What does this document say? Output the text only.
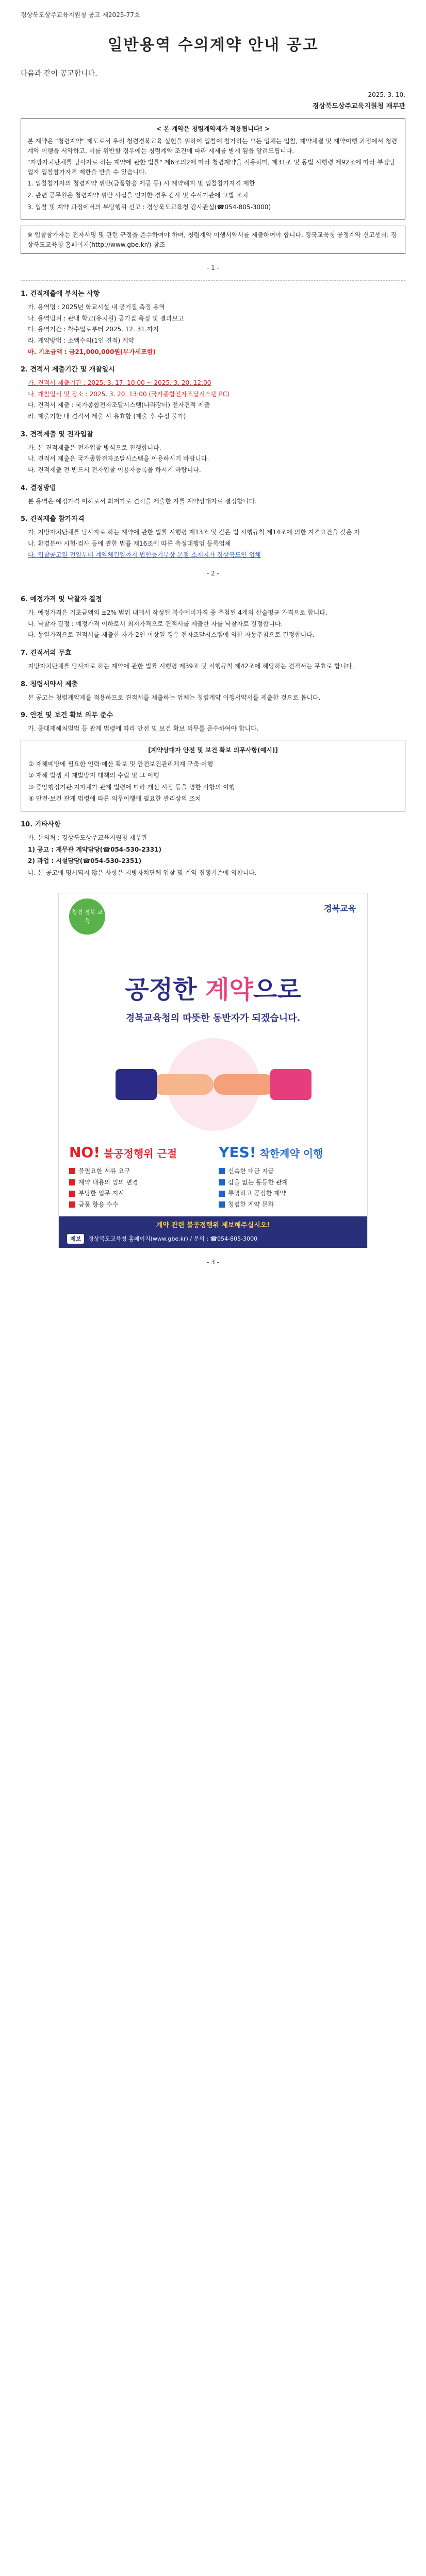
경상북도상주교육지원청 공고 제2025-77호
일반용역 수의계약 안내 공고
다음과 같이 공고합니다.
2025. 3. 10.
경상북도상주교육지원청 재무관
< 본 계약은 청렴계약제가 적용됩니다! >

본 계약은 "청렴계약" 제도로서 우리 청렴경북교육 실현을 위하여 입찰에 참가하는 모든 업체는 입찰, 계약체결 및 계약이행 과정에서 청렴계약 이행을 서약하고, 이를 위반할 경우에는 청렴계약 조건에 따라 제재를 받게 됨을 알려드립니다.

"지방자치단체를 당사자로 하는 계약에 관한 법률" 제6조의2에 따라 청렴계약을 적용하며, 제31조 및 동법 시행령 제92조에 따라 부정당업자 입찰참가자격 제한을 받을 수 있습니다.

1. 입찰참가자의 청렴계약 위반(금품향응 제공 등) 시 계약해지 및 입찰참가자격 제한

2. 관련 공무원은 청렴계약 위반 사실을 인지한 경우 감사 및 수사기관에 고발 조치

3. 입찰 및 계약 과정에서의 부당행위 신고 : 경상북도교육청 감사관실(☎054-805-3000)

※ 입찰참가자는 전자서명 및 관련 규정을 준수하여야 하며, 청렴계약 이행서약서를 제출하여야 합니다. 경북교육청 공정계약 신고센터: 경상북도교육청 홈페이지(http://www.gbe.kr/) 참조
- 1 -
1. 견적제출에 부치는 사항
가. 용역명 : 2025년 학교시설 내 공기질 측정 용역
나. 용역범위 : 관내 학교(유치원) 공기질 측정 및 결과보고
다. 용역기간 : 착수일로부터 2025. 12. 31.까지
라. 계약방법 : 소액수의(1인 견적) 계약
마. 기초금액 : 금21,000,000원(부가세포함)
2. 견적서 제출기간 및 개찰일시
가. 견적서 제출기간 : 2025. 3. 17. 10:00 ~ 2025. 3. 20. 12:00
나. 개찰일시 및 장소 : 2025. 3. 20. 13:00 (국가종합전자조달시스템 PC)
다. 견적서 제출 : 국가종합전자조달시스템(나라장터) 전자견적 제출
라. 제출기한 내 견적서 제출 시 유효함 (제출 후 수정 불가)
3. 견적제출 및 전자입찰
가. 본 견적제출은 전자입찰 방식으로 진행합니다.
나. 견적서 제출은 국가종합전자조달시스템을 이용하시기 바랍니다.
다. 견적제출 전 반드시 전자입찰 이용자등록을 하시기 바랍니다.
4. 결정방법
본 용역은 예정가격 이하로서 최저가로 견적을 제출한 자를 계약상대자로 결정합니다.
5. 견적제출 참가자격
가. 지방자치단체를 당사자로 하는 계약에 관한 법률 시행령 제13조 및 같은 법 시행규칙 제14조에 의한 자격요건을 갖춘 자
나. 환경분야 시험·검사 등에 관한 법률 제16조에 따른 측정대행업 등록업체
다. 입찰공고일 전일부터 계약체결일까지 법인등기부상 본점 소재지가 경상북도인 업체
- 2 -
6. 예정가격 및 낙찰자 결정
가. 예정가격은 기초금액의 ±2% 범위 내에서 작성된 복수예비가격 중 추첨된 4개의 산술평균 가격으로 합니다.
나. 낙찰자 결정 : 예정가격 이하로서 최저가격으로 견적서를 제출한 자를 낙찰자로 결정합니다.
다. 동일가격으로 견적서를 제출한 자가 2인 이상일 경우 전자조달시스템에 의한 자동추첨으로 결정합니다.
7. 견적서의 무효
지방자치단체를 당사자로 하는 계약에 관한 법률 시행령 제39조 및 시행규칙 제42조에 해당하는 견적서는 무효로 합니다.
8. 청렴서약서 제출
본 공고는 청렴계약제를 적용하므로 견적서를 제출하는 업체는 청렴계약 이행서약서를 제출한 것으로 봅니다.
9. 안전 및 보건 확보 의무 준수
가. 중대재해처벌법 등 관계 법령에 따라 안전 및 보건 확보 의무를 준수하여야 합니다.
[계약상대자 안전 및 보건 확보 의무사항(예시)]
① 재해예방에 필요한 인력·예산 확보 및 안전보건관리체계 구축·이행
② 재해 발생 시 재발방지 대책의 수립 및 그 이행
③ 중앙행정기관·지자체가 관계 법령에 따라 개선 시정 등을 명한 사항의 이행
④ 안전·보건 관계 법령에 따른 의무이행에 필요한 관리상의 조치
10. 기타사항
가. 문의처 : 경상북도상주교육지원청 재무관
1) 공고 : 재무관 계약담당(☎054-530-2331)
2) 과업 : 시설담당(☎054-530-2351)
나. 본 공고에 명시되지 않은 사항은 지방자치단체 입찰 및 계약 집행기준에 의합니다.
청렴 경북 교육
경북교육
공정한 계약으로
경북교육청의 따뜻한 동반자가 되겠습니다.
NO! 불공정행위 근절
불필요한 서류 요구
계약 내용의 임의 변경
부당한 업무 지시
금품 향응 수수
YES! 착한계약 이행
신속한 대금 지급
갑을 없는 동등한 관계
투명하고 공정한 계약
청렴한 계약 문화
계약 관련 불공정행위 제보해주십시오!
제보	경상북도교육청 홈페이지(www.gbe.kr) / 문의 : ☎054-805-3000
- 3 -
